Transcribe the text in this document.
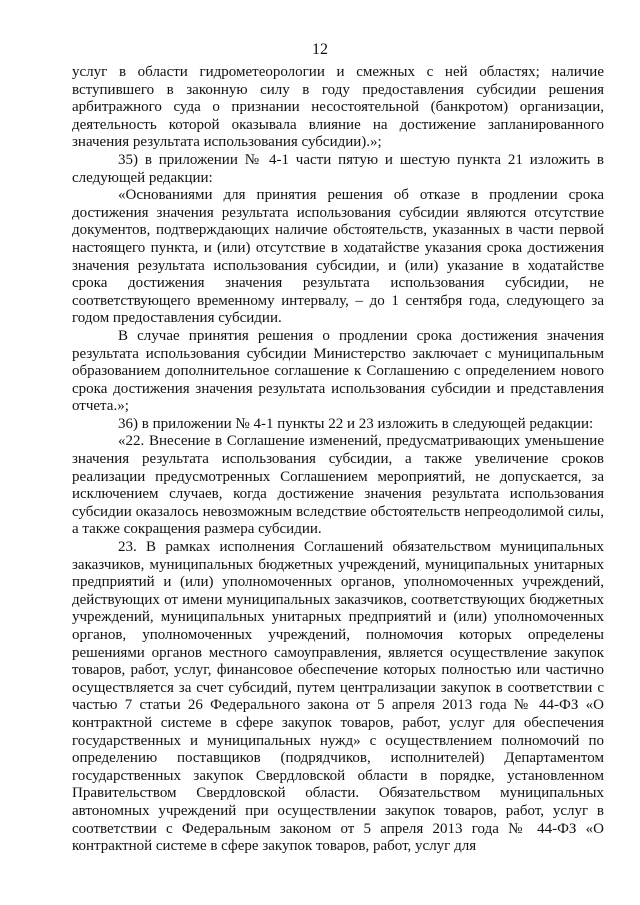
12

услуг в области гидрометеорологии и смежных с ней областях; наличие вступившего в законную силу в году предоставления субсидии решения арбитражного суда о признании несостоятельной (банкротом) организации, деятельность которой оказывала влияние на достижение запланированного значения результата использования субсидии).»;

35) в приложении № 4-1 части пятую и шестую пункта 21 изложить в следующей редакции:

«Основаниями для принятия решения об отказе в продлении срока достижения значения результата использования субсидии являются отсутствие документов, подтверждающих наличие обстоятельств, указанных в части первой настоящего пункта, и (или) отсутствие в ходатайстве указания срока достижения значения результата использования субсидии, и (или) указание в ходатайстве срока достижения значения результата использования субсидии, не соответствующего временному интервалу, – до 1 сентября года, следующего за годом предоставления субсидии.

В случае принятия решения о продлении срока достижения значения результата использования субсидии Министерство заключает с муниципальным образованием дополнительное соглашение к Соглашению с определением нового срока достижения значения результата использования субсидии и представления отчета.»;

36) в приложении № 4-1 пункты 22 и 23 изложить в следующей редакции:

«22. Внесение в Соглашение изменений, предусматривающих уменьшение значения результата использования субсидии, а также увеличение сроков реализации предусмотренных Соглашением мероприятий, не допускается, за исключением случаев, когда достижение значения результата использования субсидии оказалось невозможным вследствие обстоятельств непреодолимой силы, а также сокращения размера субсидии.

23. В рамках исполнения Соглашений обязательством муниципальных заказчиков, муниципальных бюджетных учреждений, муниципальных унитарных предприятий и (или) уполномоченных органов, уполномоченных учреждений, действующих от имени муниципальных заказчиков, соответствующих бюджетных учреждений, муниципальных унитарных предприятий и (или) уполномоченных органов, уполномоченных учреждений, полномочия которых определены решениями органов местного самоуправления, является осуществление закупок товаров, работ, услуг, финансовое обеспечение которых полностью или частично осуществляется за счет субсидий, путем централизации закупок в соответствии с частью 7 статьи 26 Федерального закона от 5 апреля 2013 года № 44-ФЗ «О контрактной системе в сфере закупок товаров, работ, услуг для обеспечения государственных и муниципальных нужд» с осуществлением полномочий по определению поставщиков (подрядчиков, исполнителей) Департаментом государственных закупок Свердловской области в порядке, установленном Правительством Свердловской области. Обязательством муниципальных автономных учреждений при осуществлении закупок товаров, работ, услуг в соответствии с Федеральным законом от 5 апреля 2013 года № 44-ФЗ «О контрактной системе в сфере закупок товаров, работ, услуг для
